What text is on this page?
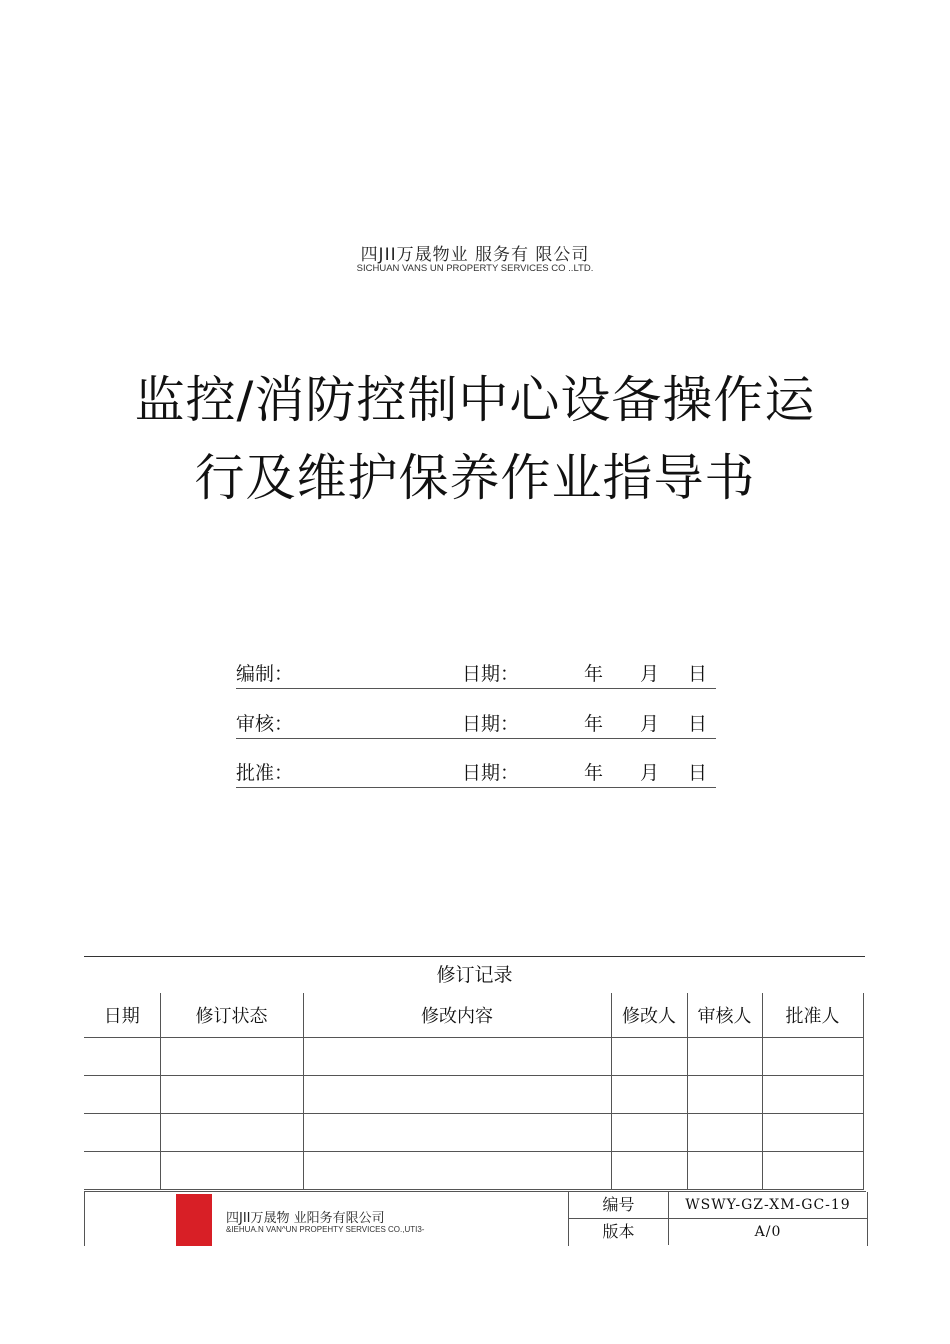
四JII万晟物业 服务有 限公司
SICHUAN VANS UN PROPERTY SERVICES CO ..LTD.
监控/消防控制中心设备操作运
行及维护保养作业指导书
编制：	日期：	年 月 日
审核：	日期：	年 月 日
批准：	日期：	年 月 日
修订记录
日期	修订状态	修改内容	修改人	审核人	批准人

四JII万晟物 业阳务有限公司
&IEHUA.N VAN^UN PROPEHTY SERVICES CO.,UTI3-
编号	WSWY-GZ-XM-GC-19
版本	A/0
